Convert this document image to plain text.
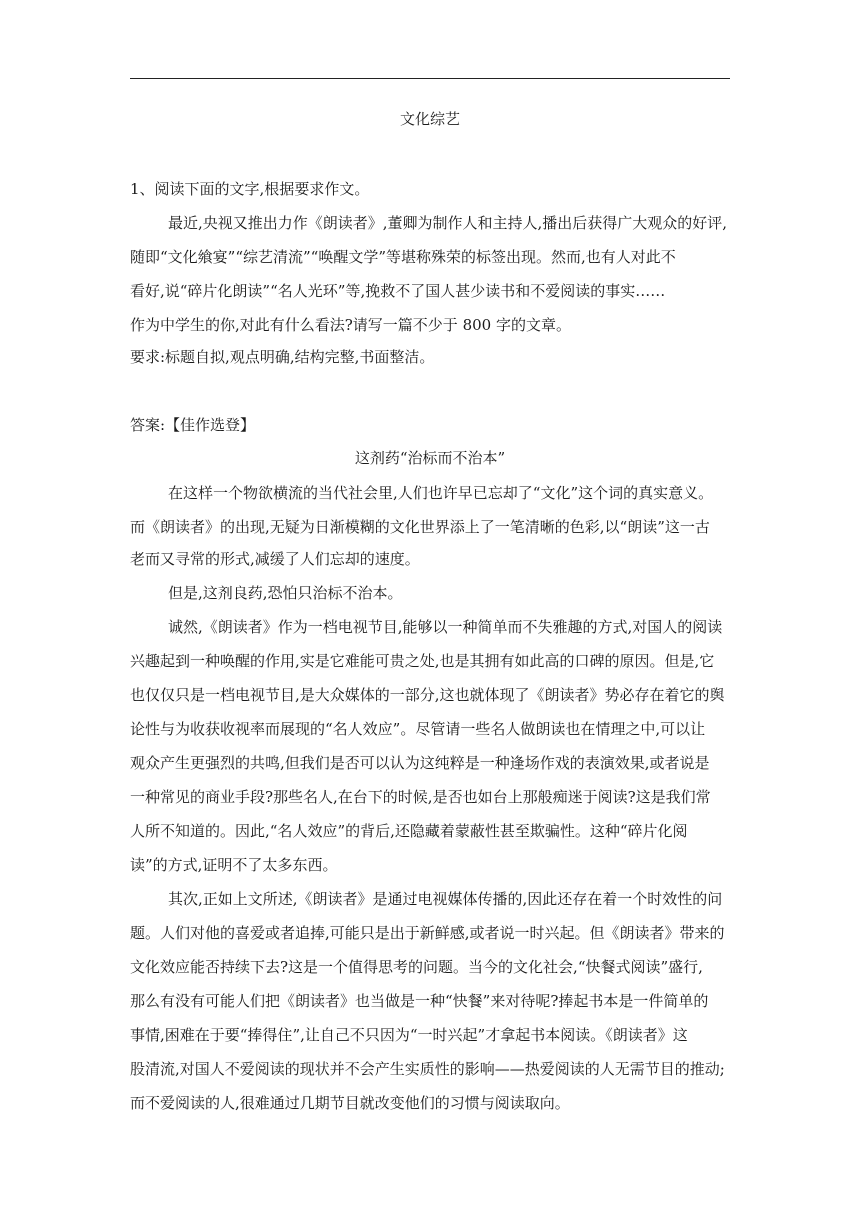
文化综艺
1、阅读下面的文字,根据要求作文。
最近,央视又推出力作《朗读者》,董卿为制作人和主持人,播出后获得广大观众的好评,
随即“文化飨宴”“综艺清流”“唤醒文学”等堪称殊荣的标签出现。然而,也有人对此不
看好,说“碎片化朗读”“名人光环”等,挽救不了国人甚少读书和不爱阅读的事实……
作为中学生的你,对此有什么看法?请写一篇不少于 800 字的文章。
要求:标题自拟,观点明确,结构完整,书面整洁。
答案:【佳作选登】
这剂药“治标而不治本”
在这样一个物欲横流的当代社会里,人们也许早已忘却了“文化”这个词的真实意义。
而《朗读者》的出现,无疑为日渐模糊的文化世界添上了一笔清晰的色彩,以“朗读”这一古
老而又寻常的形式,减缓了人们忘却的速度。
但是,这剂良药,恐怕只治标不治本。
诚然,《朗读者》作为一档电视节目,能够以一种简单而不失雅趣的方式,对国人的阅读
兴趣起到一种唤醒的作用,实是它难能可贵之处,也是其拥有如此高的口碑的原因。但是,它
也仅仅只是一档电视节目,是大众媒体的一部分,这也就体现了《朗读者》势必存在着它的舆
论性与为收获收视率而展现的“名人效应”。尽管请一些名人做朗读也在情理之中,可以让
观众产生更强烈的共鸣,但我们是否可以认为这纯粹是一种逢场作戏的表演效果,或者说是
一种常见的商业手段?那些名人,在台下的时候,是否也如台上那般痴迷于阅读?这是我们常
人所不知道的。因此,“名人效应”的背后,还隐藏着蒙蔽性甚至欺骗性。这种“碎片化阅
读”的方式,证明不了太多东西。
其次,正如上文所述,《朗读者》是通过电视媒体传播的,因此还存在着一个时效性的问
题。人们对他的喜爱或者追捧,可能只是出于新鲜感,或者说一时兴起。但《朗读者》带来的
文化效应能否持续下去?这是一个值得思考的问题。当今的文化社会,“快餐式阅读”盛行,
那么有没有可能人们把《朗读者》也当做是一种“快餐”来对待呢?捧起书本是一件简单的
事情,困难在于要“捧得住”,让自己不只因为“一时兴起”才拿起书本阅读。《朗读者》这
股清流,对国人不爱阅读的现状并不会产生实质性的影响——热爱阅读的人无需节目的推动;
而不爱阅读的人,很难通过几期节目就改变他们的习惯与阅读取向。
